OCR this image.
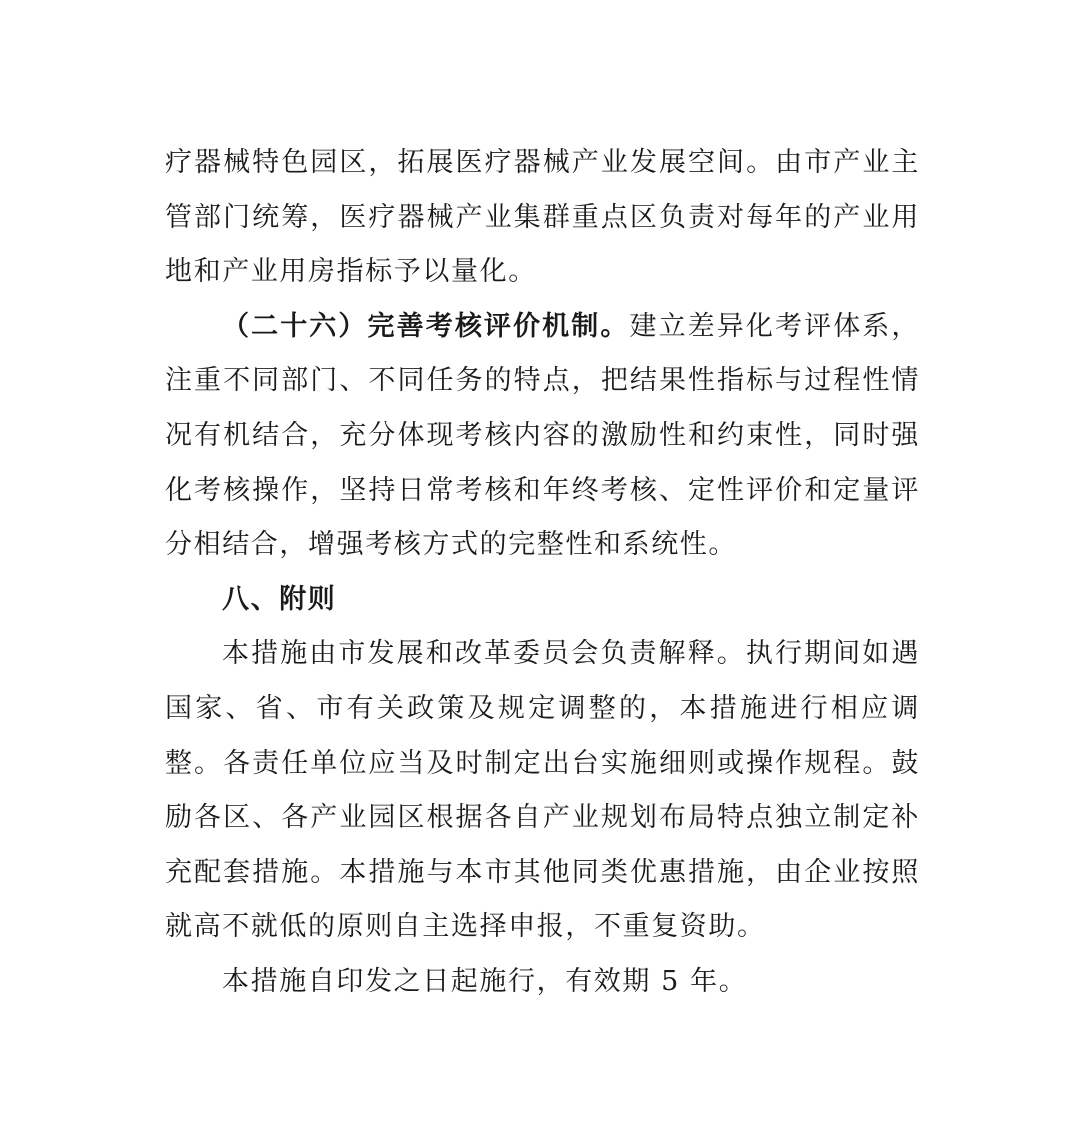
疗器械特色园区，拓展医疗器械产业发展空间。由市产业主管部门统筹，医疗器械产业集群重点区负责对每年的产业用地和产业用房指标予以量化。

（二十六）完善考核评价机制。建立差异化考评体系，注重不同部门、不同任务的特点，把结果性指标与过程性情况有机结合，充分体现考核内容的激励性和约束性，同时强化考核操作，坚持日常考核和年终考核、定性评价和定量评分相结合，增强考核方式的完整性和系统性。

八、附则

本措施由市发展和改革委员会负责解释。执行期间如遇国家、省、市有关政策及规定调整的，本措施进行相应调整。各责任单位应当及时制定出台实施细则或操作规程。鼓励各区、各产业园区根据各自产业规划布局特点独立制定补充配套措施。本措施与本市其他同类优惠措施，由企业按照就高不就低的原则自主选择申报，不重复资助。

本措施自印发之日起施行，有效期 5 年。
